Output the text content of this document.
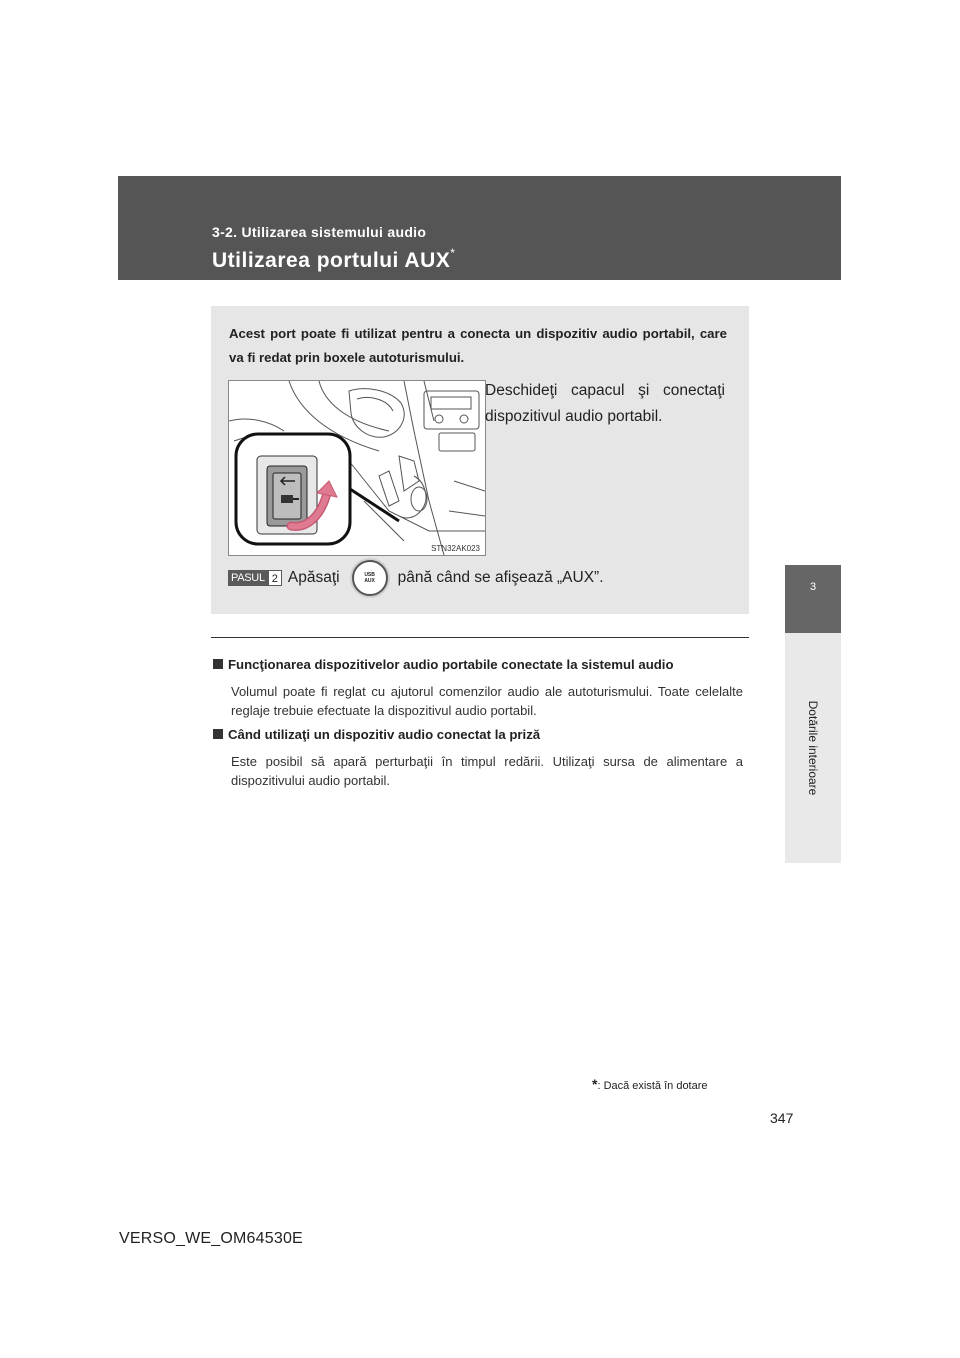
3-2. Utilizarea sistemului audio
Utilizarea portului AUX*
3
Dotările interioare
Acest port poate fi utilizat pentru a conecta un dispozitiv audio portabil, care va fi redat prin boxele autoturismului.
STN32AK023
Deschideţi capacul şi conectaţi dispozitivul audio portabil.
PASUL 2 Apăsaţi	USB
AUX până când se afişează „AUX”.
Funcţionarea dispozitivelor audio portabile conectate la sistemul audio
Volumul poate fi reglat cu ajutorul comenzilor audio ale autoturismului. Toate celelalte reglaje trebuie efectuate la dispozitivul audio portabil.
Când utilizaţi un dispozitiv audio conectat la priză
Este posibil să apară perturbaţii în timpul redării. Utilizaţi sursa de alimentare a dispozitivului audio portabil.
*: Dacă există în dotare
347
VERSO_WE_OM64530E
